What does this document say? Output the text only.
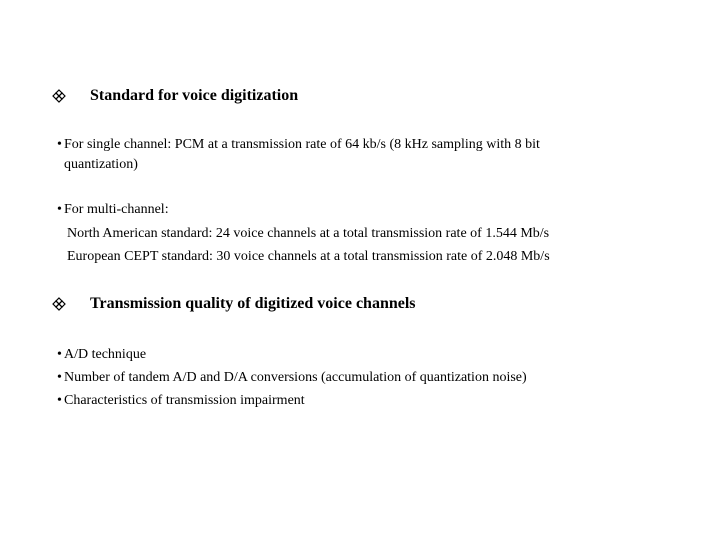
Standard for voice digitization
• For single channel: PCM at a transmission rate of 64 kb/s (8 kHz sampling with 8 bit
quantization)
• For multi-channel:
North American standard: 24 voice channels at a total transmission rate of 1.544 Mb/s
European CEPT standard: 30 voice channels at a total transmission rate of 2.048 Mb/s
Transmission quality of digitized voice channels
• A/D technique
• Number of tandem A/D and D/A conversions (accumulation of quantization noise)
• Characteristics of transmission impairment
